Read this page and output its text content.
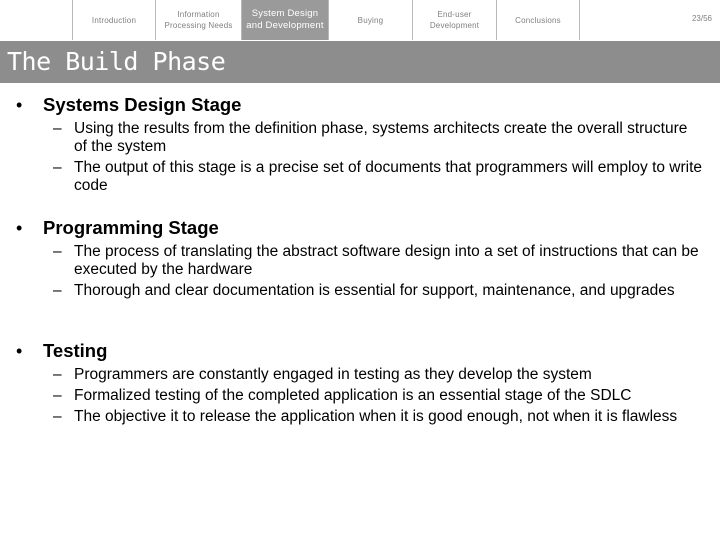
Introduction
Information
Processing Needs
System Design
and Development	Buying
End-user
Development
Conclusions	23/56
The Build Phase
• Systems Design Stage
– Using the results from the definition phase, systems architects create the overall structure of the system
– The output of this stage is a precise set of documents that programmers will employ to write code
• Programming Stage
– The process of translating the abstract software design into a set of instructions that can be executed by the hardware
– Thorough and clear documentation is essential for support, maintenance, and upgrades
• Testing
– Programmers are constantly engaged in testing as they develop the system
– Formalized testing of the completed application is an essential stage of the SDLC
– The objective it to release the application when it is good enough, not when it is flawless
